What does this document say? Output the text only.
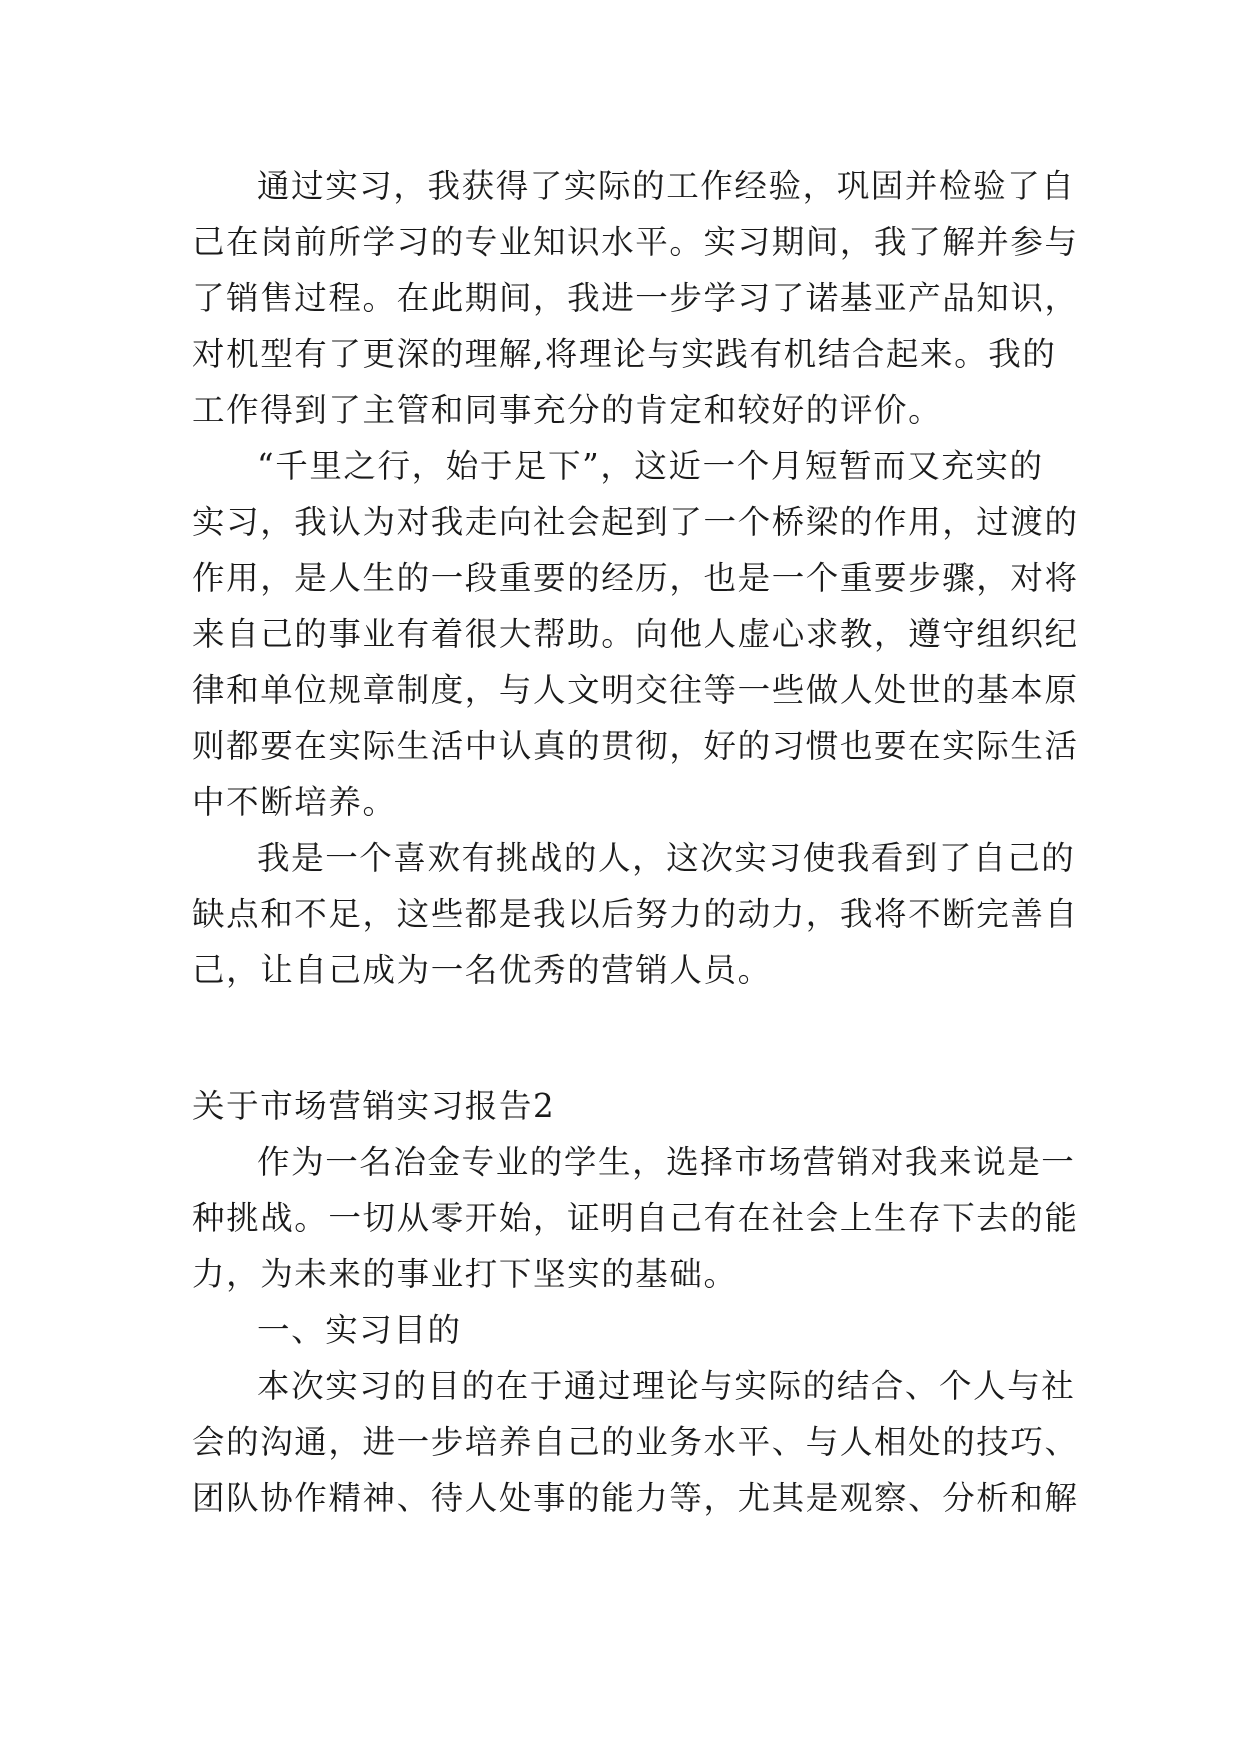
通过实习，我获得了实际的工作经验，巩固并检验了自
己在岗前所学习的专业知识水平。实习期间，我了解并参与
了销售过程。在此期间，我进一步学习了诺基亚产品知识，
对机型有了更深的理解,将理论与实践有机结合起来。我的
工作得到了主管和同事充分的肯定和较好的评价。
“千里之行，始于足下”，这近一个月短暂而又充实的
实习，我认为对我走向社会起到了一个桥梁的作用，过渡的
作用，是人生的一段重要的经历，也是一个重要步骤，对将
来自己的事业有着很大帮助。向他人虚心求教，遵守组织纪
律和单位规章制度，与人文明交往等一些做人处世的基本原
则都要在实际生活中认真的贯彻，好的习惯也要在实际生活
中不断培养。
我是一个喜欢有挑战的人，这次实习使我看到了自己的
缺点和不足，这些都是我以后努力的动力，我将不断完善自
己，让自己成为一名优秀的营销人员。
关于市场营销实习报告2
作为一名冶金专业的学生，选择市场营销对我来说是一
种挑战。一切从零开始，证明自己有在社会上生存下去的能
力，为未来的事业打下坚实的基础。
一、实习目的
本次实习的目的在于通过理论与实际的结合、个人与社
会的沟通，进一步培养自己的业务水平、与人相处的技巧、
团队协作精神、待人处事的能力等，尤其是观察、分析和解
